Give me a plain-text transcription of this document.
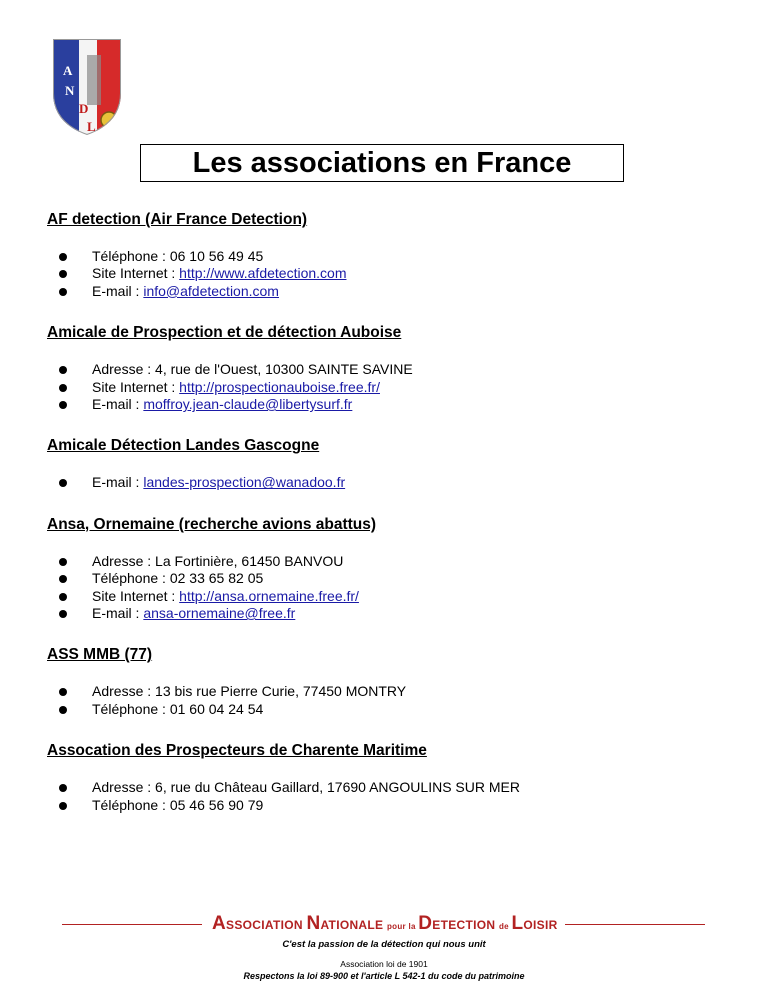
A
N
D
L
Les associations en France
AF detection (Air France Detection)
Téléphone : 06 10 56 49 45
Site Internet : http://www.afdetection.com
E-mail : info@afdetection.com
Amicale de Prospection et de détection Auboise
Adresse : 4, rue de l'Ouest, 10300 SAINTE SAVINE
Site Internet : http://prospectionauboise.free.fr/
E-mail : moffroy.jean-claude@libertysurf.fr
Amicale Détection Landes Gascogne
E-mail : landes-prospection@wanadoo.fr
Ansa, Ornemaine (recherche avions abattus)
Adresse : La Fortinière, 61450 BANVOU
Téléphone : 02 33 65 82 05
Site Internet : http://ansa.ornemaine.free.fr/
E-mail : ansa-ornemaine@free.fr
ASS MMB (77)
Adresse : 13 bis rue Pierre Curie, 77450 MONTRY
Téléphone : 01 60 04 24 54
Assocation des Prospecteurs de Charente Maritime
Adresse : 6, rue du Château Gaillard, 17690 ANGOULINS SUR MER
Téléphone : 05 46 56 90 79
ASSOCIATION NATIONALE pour la DETECTION de LOISIR
C'est la passion de la détection qui nous unit
Association loi de 1901
Respectons la loi 89-900 et l'article L 542-1 du code du patrimoine
